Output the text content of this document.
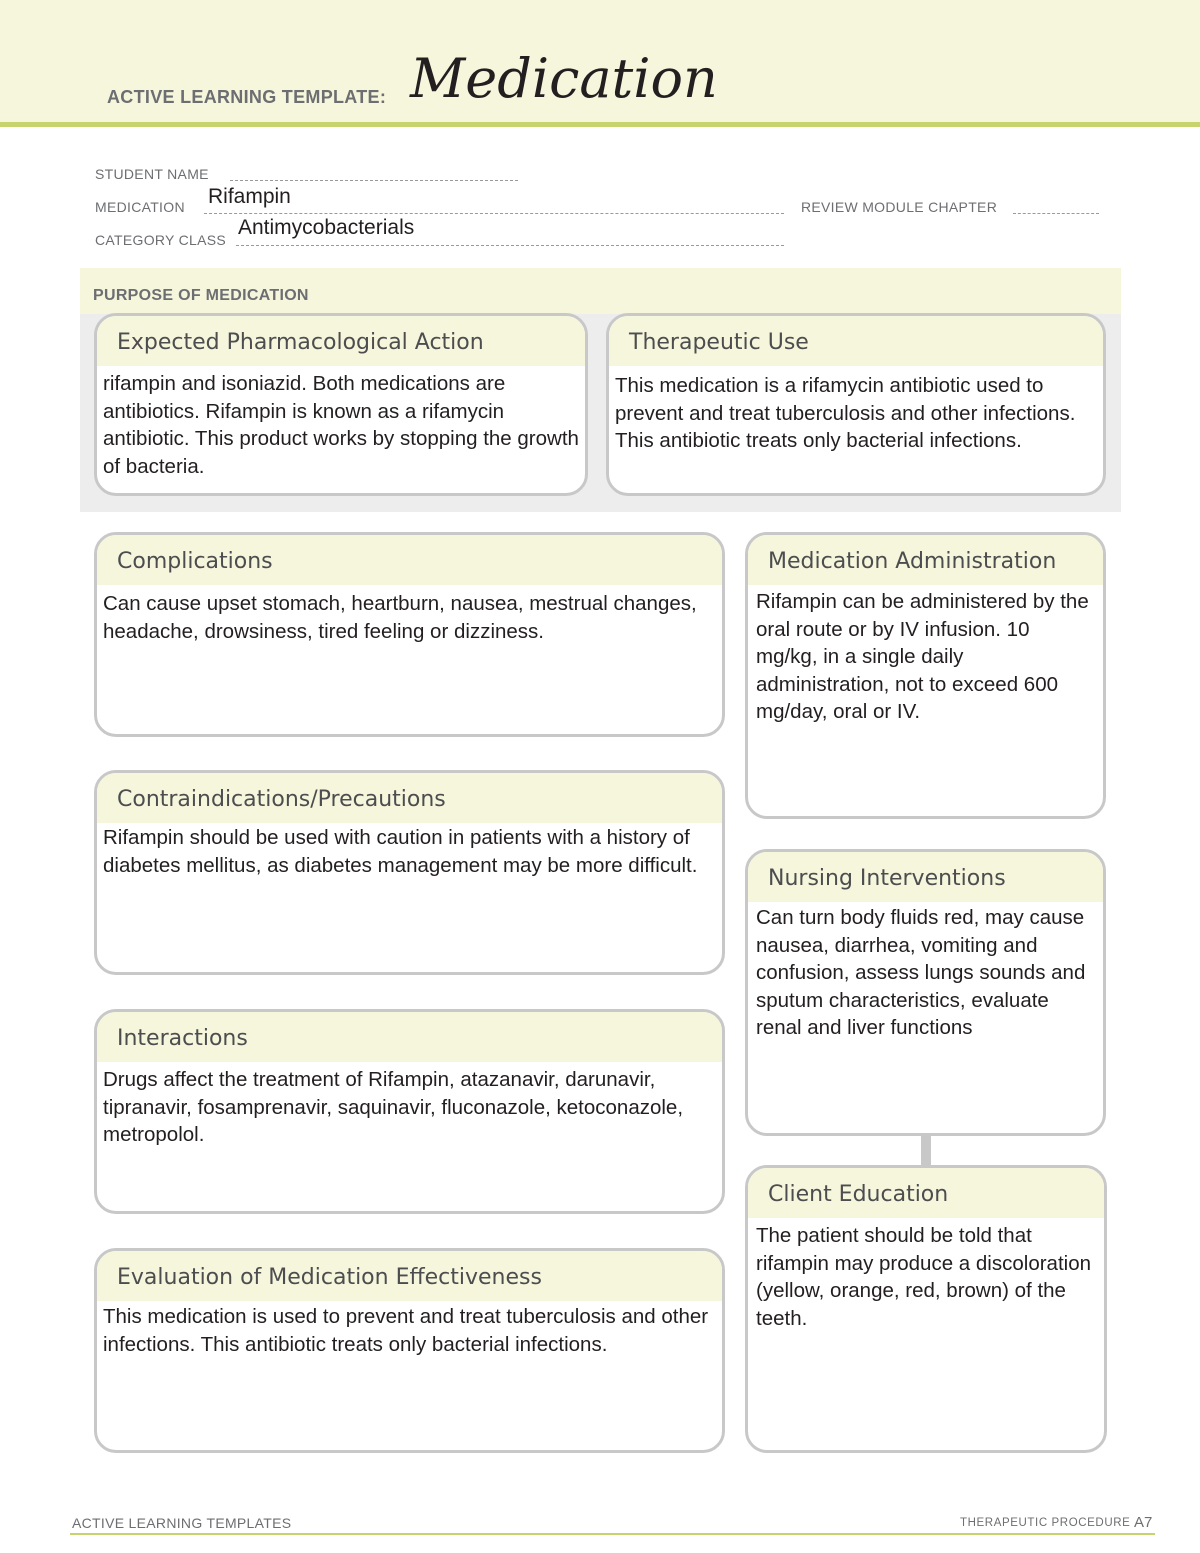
ACTIVE LEARNING TEMPLATE: Medication
STUDENT NAME
MEDICATION Rifampin	REVIEW MODULE CHAPTER
CATEGORY CLASS
Antimycobacterials
PURPOSE OF MEDICATION
Expected Pharmacological Action
rifampin and isoniazid. Both medications are antibiotics. Rifampin is known as a rifamycin antibiotic. This product works by stopping the growth of bacteria.
Therapeutic Use
This medication is a rifamycin antibiotic used to prevent and treat tuberculosis and other infections. This antibiotic treats only bacterial infections.
Complications
Can cause upset stomach, heartburn, nausea, mestrual changes, headache, drowsiness, tired feeling or dizziness.
Contraindications/Precautions
Rifampin should be used with caution in patients with a history of diabetes mellitus, as diabetes management may be more difficult.
Interactions
Drugs affect the treatment of Rifampin, atazanavir, darunavir, tipranavir, fosamprenavir, saquinavir, fluconazole, ketoconazole, metropolol.
Evaluation of Medication Effectiveness
This medication is used to prevent and treat tuberculosis and other infections. This antibiotic treats only bacterial infections.
Medication Administration
Rifampin can be administered by the oral route or by IV infusion. 10 mg/kg, in a single daily administration, not to exceed 600 mg/day, oral or IV.
Nursing Interventions
Can turn body fluids red, may cause nausea, diarrhea, vomiting and confusion, assess lungs sounds and sputum characteristics, evaluate renal and liver functions
Client Education
The patient should be told that rifampin may produce a discoloration (yellow, orange, red, brown) of the teeth.
ACTIVE LEARNING TEMPLATES	THERAPEUTIC PROCEDURE A7
